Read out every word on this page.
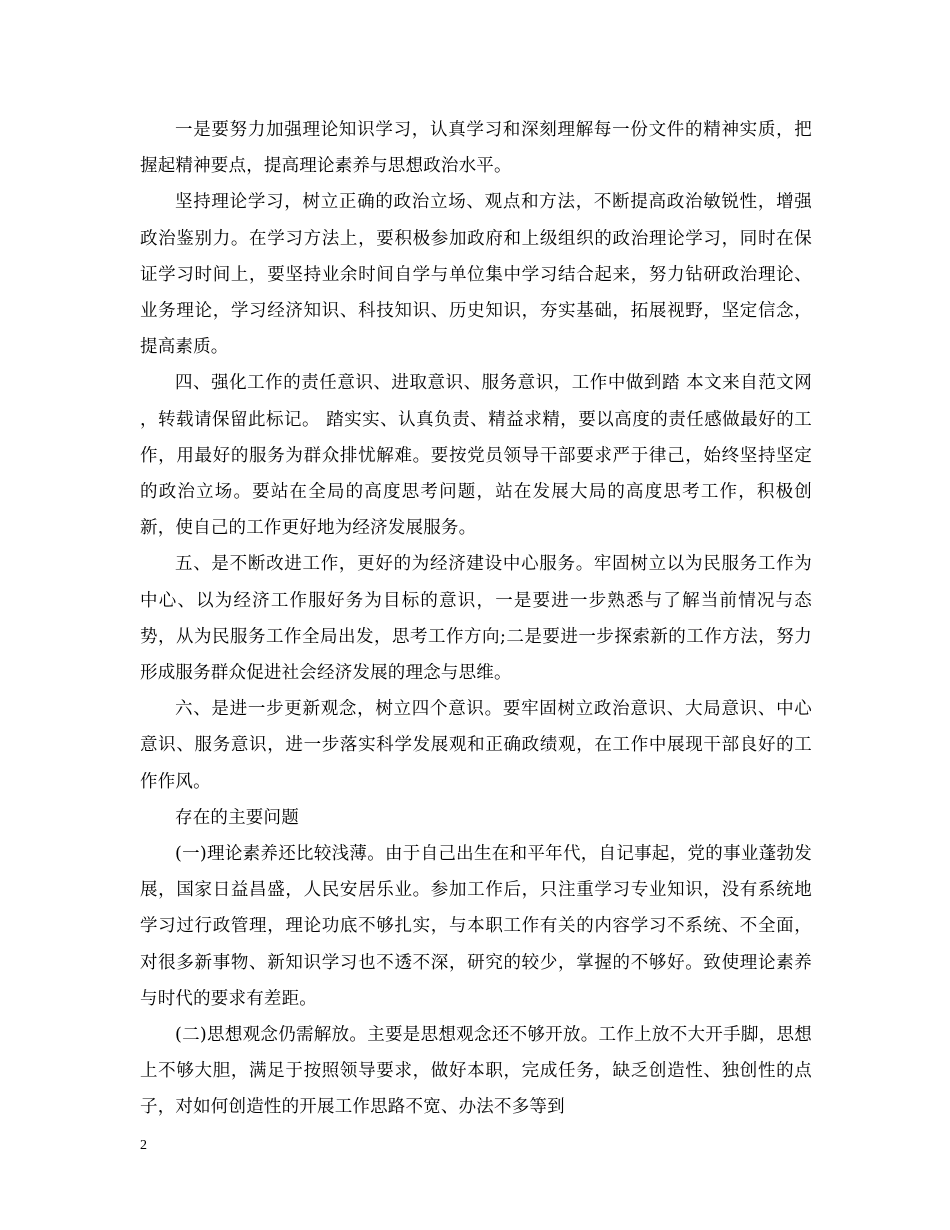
一是要努力加强理论知识学习，认真学习和深刻理解每一份文件的精神实质，把握起精神要点，提高理论素养与思想政治水平。

坚持理论学习，树立正确的政治立场、观点和方法，不断提高政治敏锐性，增强政治鉴别力。在学习方法上，要积极参加政府和上级组织的政治理论学习，同时在保证学习时间上，要坚持业余时间自学与单位集中学习结合起来，努力钻研政治理论、业务理论，学习经济知识、科技知识、历史知识，夯实基础，拓展视野，坚定信念，提高素质。

四、强化工作的责任意识、进取意识、服务意识，工作中做到踏 本文来自范文网 ，转载请保留此标记。 踏实实、认真负责、精益求精，要以高度的责任感做最好的工作，用最好的服务为群众排忧解难。要按党员领导干部要求严于律己，始终坚持坚定的政治立场。要站在全局的高度思考问题，站在发展大局的高度思考工作，积极创新，使自己的工作更好地为经济发展服务。

五、是不断改进工作，更好的为经济建设中心服务。牢固树立以为民服务工作为中心、以为经济工作服好务为目标的意识，一是要进一步熟悉与了解当前情况与态势，从为民服务工作全局出发，思考工作方向;二是要进一步探索新的工作方法，努力形成服务群众促进社会经济发展的理念与思维。

六、是进一步更新观念，树立四个意识。要牢固树立政治意识、大局意识、中心意识、服务意识，进一步落实科学发展观和正确政绩观，在工作中展现干部良好的工作作风。

存在的主要问题

(一)理论素养还比较浅薄。由于自己出生在和平年代，自记事起，党的事业蓬勃发展，国家日益昌盛，人民安居乐业。参加工作后，只注重学习专业知识，没有系统地学习过行政管理，理论功底不够扎实，与本职工作有关的内容学习不系统、不全面，对很多新事物、新知识学习也不透不深，研究的较少，掌握的不够好。致使理论素养与时代的要求有差距。

(二)思想观念仍需解放。主要是思想观念还不够开放。工作上放不大开手脚，思想上不够大胆，满足于按照领导要求，做好本职，完成任务，缺乏创造性、独创性的点子，对如何创造性的开展工作思路不宽、办法不多等到

2
